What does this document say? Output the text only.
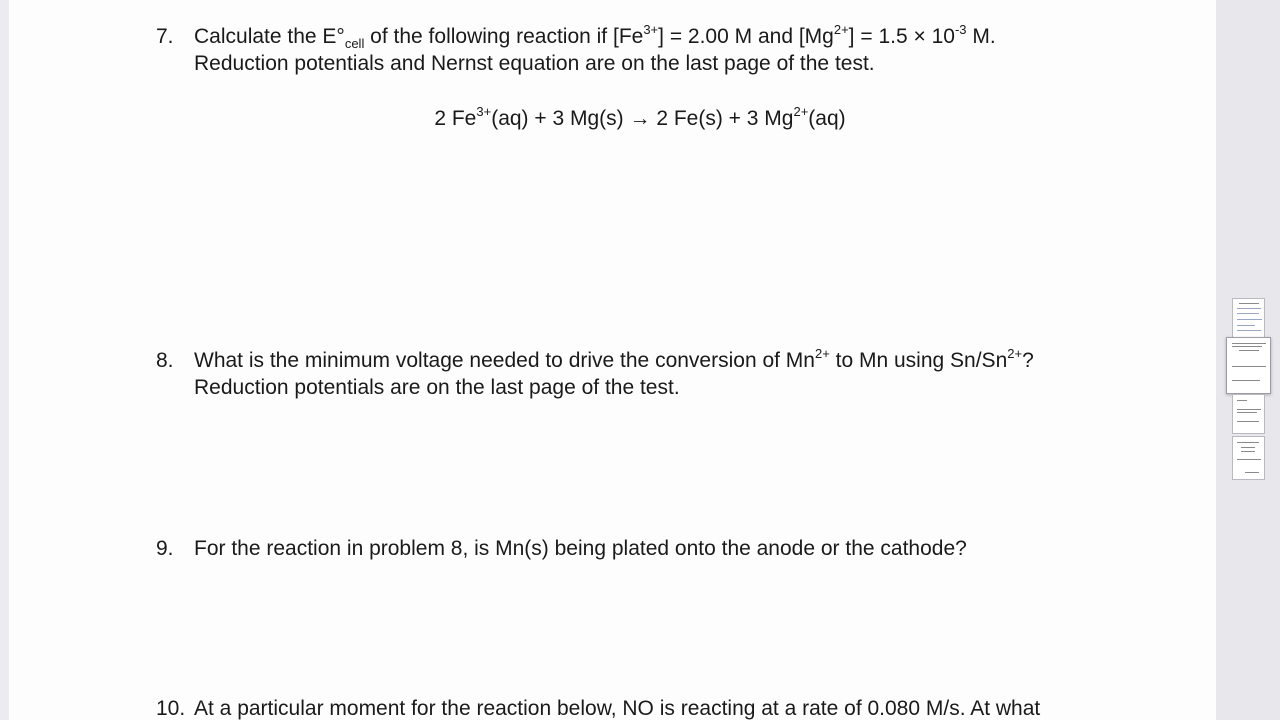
7. Calculate the $E^\circ_{cell}$ of the following reaction if $[Fe^{3+}] = 2.00$ M and $[Mg^{2+}] = 1.5 \times 10^{-3}$ M.
Reduction potentials and Nernst equation are on the last page of the test.
2 $Fe^{3+}(aq) + 3$ Mg(s) → 2 Fe(s) + 3 $Mg^{2+}(aq)$
8. What is the minimum voltage needed to drive the conversion of $Mn^{2+}$ to Mn using $Sn/Sn^{2+}$?
Reduction potentials are on the last page of the test.
9. For the reaction in problem 8, is Mn(s) being plated onto the anode or the cathode?
10. At a particular moment for the reaction below, NO is reacting at a rate of 0.080 M/s. At what
